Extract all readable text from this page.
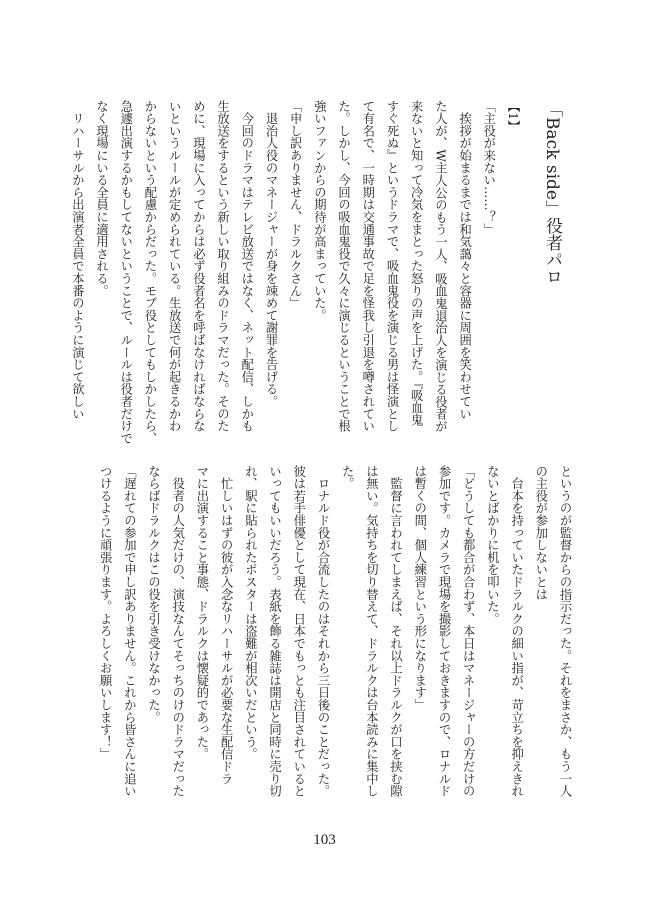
「Back side」役者パロ
【1】
「主役が来ない……？」
　挨拶が始まるまでは和気藹々と容器に周囲を笑わせてい
た人が、W主人公のもう一人、吸血鬼退治人を演じる役者が
来ないと知って冷気をまとった怒りの声を上げた。『吸血鬼
すぐ死ぬ』というドラマで、吸血鬼役を演じる男は怪演とし
て有名で、一時期は交通事故で足を怪我し引退を噂されてい
た。しかし、今回の吸血鬼役で久々に演じるということで根
強いファンからの期待が高まっていた。
「申し訳ありません、ドラルクさん」
　退治人役のマネージャーが身を竦めて謝罪を告げる。
　今回のドラマはテレビ放送ではなく、ネット配信、しかも
生放送をするという新しい取り組みのドラマだった。そのた
めに、現場に入ってからは必ず役者名を呼ばなければならな
いというルールが定められている。生放送で何が起きるかわ
からないという配慮からだった。モブ役としてもしかしたら、
急遽出演するかもしてないということで、ルールは役者だけで
なく現場にいる全員に適用される。
　リハーサルから出演者全員で本番のように演じて欲しい
というのが監督からの指示だった。それをまさか、もう一人
の主役が参加しないとは
　台本を持っていたドラルクの細い指が、苛立ちを抑えきれ
ないとばかりに机を叩いた。
「どうしても都合が合わず、本日はマネージャーの方だけの
参加です。カメラで現場を撮影しておきますので、ロナルド
は暫くの間、個人練習という形になります」
　監督に言われてしまえば、それ以上ドラルクが口を挟む隙
は無い。気持ちを切り替えて、ドラルクは台本読みに集中し
た。
　ロナルド役が合流したのはそれから三日後のことだった。
彼は若手俳優として現在、日本でもっとも注目されていると
いってもいいだろう。表紙を飾る雑誌は開店と同時に売り切
れ、駅に貼られたポスターは盗難が相次いだという。
　忙しいはずの彼が入念なリハーサルが必要な生配信ドラ
マに出演すること事態、ドラルクは懐疑的であった。
　役者の人気だけの、演技なんてそっちのけのドラマだった
ならばドラルクはこの役を引き受けなかった。
「遅れての参加で申し訳ありません。これから皆さんに追い
つけるように頑張ります。よろしくお願いします！」
103
